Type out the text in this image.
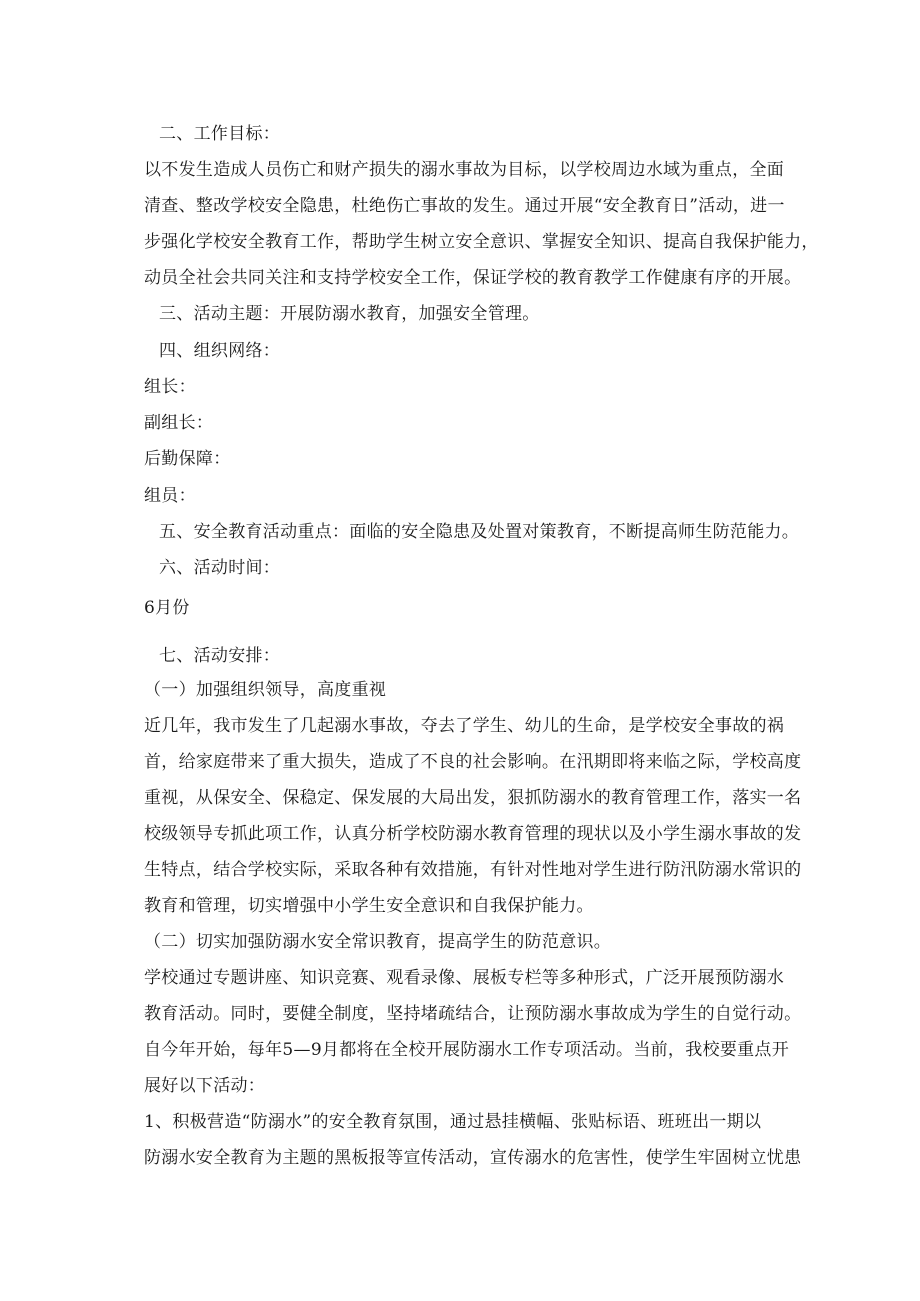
二、工作目标：
以不发生造成人员伤亡和财产损失的溺水事故为目标，以学校周边水域为重点，全面
清查、整改学校安全隐患，杜绝伤亡事故的发生。通过开展“安全教育日”活动，进一
步强化学校安全教育工作，帮助学生树立安全意识、掌握安全知识、提高自我保护能力，
动员全社会共同关注和支持学校安全工作，保证学校的教育教学工作健康有序的开展。
三、活动主题：开展防溺水教育，加强安全管理。
四、组织网络：
组长：
副组长：
后勤保障：
组员：
五、安全教育活动重点：面临的安全隐患及处置对策教育，不断提高师生防范能力。
六、活动时间：
6月份
七、活动安排：
（一）加强组织领导，高度重视
近几年，我市发生了几起溺水事故，夺去了学生、幼儿的生命，是学校安全事故的祸
首，给家庭带来了重大损失，造成了不良的社会影响。在汛期即将来临之际，学校高度
重视，从保安全、保稳定、保发展的大局出发，狠抓防溺水的教育管理工作，落实一名
校级领导专抓此项工作，认真分析学校防溺水教育管理的现状以及小学生溺水事故的发
生特点，结合学校实际，采取各种有效措施，有针对性地对学生进行防汛防溺水常识的
教育和管理，切实增强中小学生安全意识和自我保护能力。
（二）切实加强防溺水安全常识教育，提高学生的防范意识。
学校通过专题讲座、知识竞赛、观看录像、展板专栏等多种形式，广泛开展预防溺水
教育活动。同时，要健全制度，坚持堵疏结合，让预防溺水事故成为学生的自觉行动。
自今年开始，每年5—9月都将在全校开展防溺水工作专项活动。当前，我校要重点开
展好以下活动：
1、积极营造“防溺水”的安全教育氛围，通过悬挂横幅、张贴标语、班班出一期以
防溺水安全教育为主题的黑板报等宣传活动，宣传溺水的危害性，使学生牢固树立忧患
